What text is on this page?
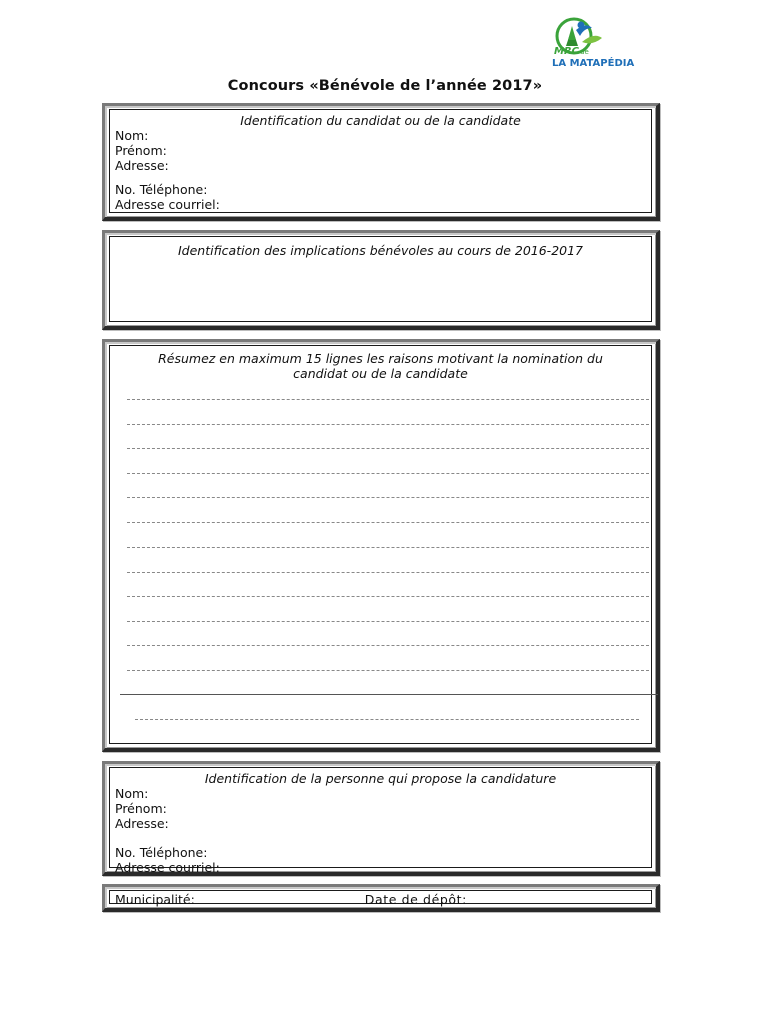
MRC de
LA MATAPÉDIA
Concours «Bénévole de l’année 2017»
Identification du candidat ou de la candidate
Nom:
Prénom:
Adresse:
No. Téléphone:
Adresse courriel:
Identification des implications bénévoles au cours de 2016-2017
Résumez en maximum 15 lignes les raisons motivant la nomination du
candidat ou de la candidate
Identification de la personne qui propose la candidature
Nom:
Prénom:
Adresse:
No. Téléphone:
Adresse courriel:
Municipalité:	Date de dépôt:
